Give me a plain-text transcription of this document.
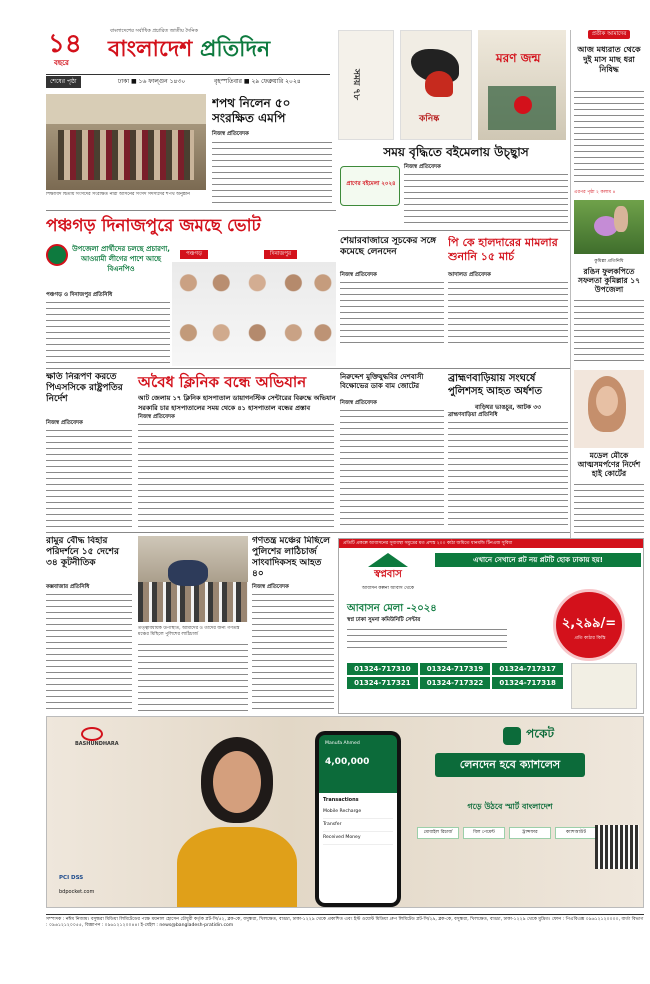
১৪
বছরে
বাংলাদেশের সর্বাধিক প্রচারিত জাতীয় দৈনিক
বাংলাদেশ প্রতিদিন
শেষের পৃষ্ঠা	ঢাকা ■ ১৬ ফাল্গুন ১৪৩০	বৃহস্পতিবার ■ ২৯ ফেব্রুয়ারি ২০২৪	সময় ৭৮
কনিষ্ক
মরণ জন্ম
প্রতীক আমাদের
আজ মধ্যরাত থেকে দুই মাস মাছ ধরা নিষিদ্ধ
এরপর পৃষ্ঠা ২ কলাম ৪
কুমিল্লা প্রতিনিধি
রঙিন ফুলকপিতে সফলতা কুমিল্লার ১৭ উপজেলা
মডেল মৌকে আত্মসমর্পণের নির্দেশ হাই কোর্টের
শিক্ষাবিদ দ্বিতীয় সংসদের সংরক্ষিত নারী আসনের সংসদ সদস্যদের শপথ অনুষ্ঠান
শপথ নিলেন ৫০ সংরক্ষিত এমপি
নিজস্ব প্রতিবেদক
সময় বৃদ্ধিতে বইমেলায় উচ্ছ্বাস
প্রাণের বইমেলা ২০২৪
নিজস্ব প্রতিবেদক
পঞ্চগড় দিনাজপুরে জমছে ভোট
উপজেলা প্রার্থীদের চলছে প্রচারণা, আওয়ামী লীগের পাশে আছে বিএনপিও
পঞ্চগড় ও দিনাজপুর প্রতিনিধি
পঞ্চগড়	দিনাজপুর
শেয়ারবাজারে সূচকের সঙ্গে কমেছে লেনদেন
নিজস্ব প্রতিবেদক
পি কে হালদারের মামলার শুনানি ১৫ মার্চ
আদালত প্রতিবেদক
ক্ষতি নিরূপণ করতে পিএসসিকে রাষ্ট্রপতির নির্দেশ
নিজস্ব প্রতিবেদক
অবৈধ ক্লিনিক বন্ধে অভিযান
আট জেলায় ১৭ ক্লিনিক হাসপাতাল ডায়াগনস্টিক সেন্টারের বিরুদ্ধে অভিযান
সরকারি চার হাসপাতালের সময় থেকে ৪১ হাসপাতাল বন্ধের প্রস্তাব
নিজস্ব প্রতিবেদক
নিরুদ্দেশ মুক্তিযুদ্ধবির দেশবাসী বিক্ষোভের ডাক বাম জোটের
নিজস্ব প্রতিবেদক
ব্রাহ্মণবাড়িয়ায় সংঘর্ষে পুলিশসহ আহত অর্ধশত
বাড়িঘর ভাঙচুর, আটক ৩৩
ব্রাহ্মণবাড়িয়া প্রতিনিধি
রামুর বৌদ্ধ বিহার পরিদর্শনে ১৫ দেশের ৩৪ কূটনীতিক
কক্সবাজার প্রতিনিধি
গণতন্ত্র মঞ্চের মিছিলে পুলিশের লাঠিচার্জ সাংবাদিকসহ আহত ৪০
নিজস্ব প্রতিবেদক
তত্ত্বাবধায়ক উপস্থিতি, আমাদের ও তাদের জন্য গণতন্ত্র মঞ্চের মিছিলে পুলিশের লাঠিচার্জ
প্রতিটি প্রকল্পে আবাসনের সুব্যবস্থা সমুদ্রের মত প্রশস্ত ২০০ কাঠা জমিতে ধানমন্ডি টিনএজ সুবিধা
এখানে সেখানে প্লট নয় প্লটটি হোক ঢাকায় হয়!
স্বপ্নবাস
আবাসন কল্পনা আবাস থেকে
আবাসন মেলা -২০২৪
স্বপ্ন ঢাকা সুমনা কমিউনিটি সেন্টার	২,২৯৯/=
প্রতি কাঠার কিস্তি
01324-717310	01324-717319	01324-717317
01324-717321	01324-717322	01324-717318
BASHUNDHARA	Manufa Ahmed
4,00,000
Transactions
Mobile Recharge
Transfer
Received Money
পকেট
লেনদেন হবে ক্যাশলেস
গড়ে উঠবে স্মার্ট বাংলাদেশ
মোবাইল রিচার্জ	বিল পেমেন্ট	ট্রান্সফার	ক্যাশআউট
PCI DSS
bdpocket.com
সম্পাদক : নঈম নিজাম। বসুন্ধরা মিডিয়া লিমিটেডের পক্ষে ময়নাল হোসেন চৌধুরী কর্তৃক প্লট-সি/৫২, ব্লক-কে, বসুন্ধরা, খিলক্ষেত, বাড্ডা, ঢাকা-১২২৯ থেকে প্রকাশিত এবং ইস্ট ওয়েস্ট মিডিয়া গ্রুপ লিমিটেড প্লট-সি/২৯, ব্লক-কে, বসুন্ধরা, খিলক্ষেত, বাড্ডা, ঢাকা-১২২৯ থেকে মুদ্রিত। ফোন : পিএবিএক্স ০৯৬১২১২০০০০, বার্তা বিভাগ : ০৯৬১২১২০০৫৫, বিজ্ঞাপন : ০৯৬১২১২০০৪৪। ই-মেইল : news@bangladesh-pratidin.com
